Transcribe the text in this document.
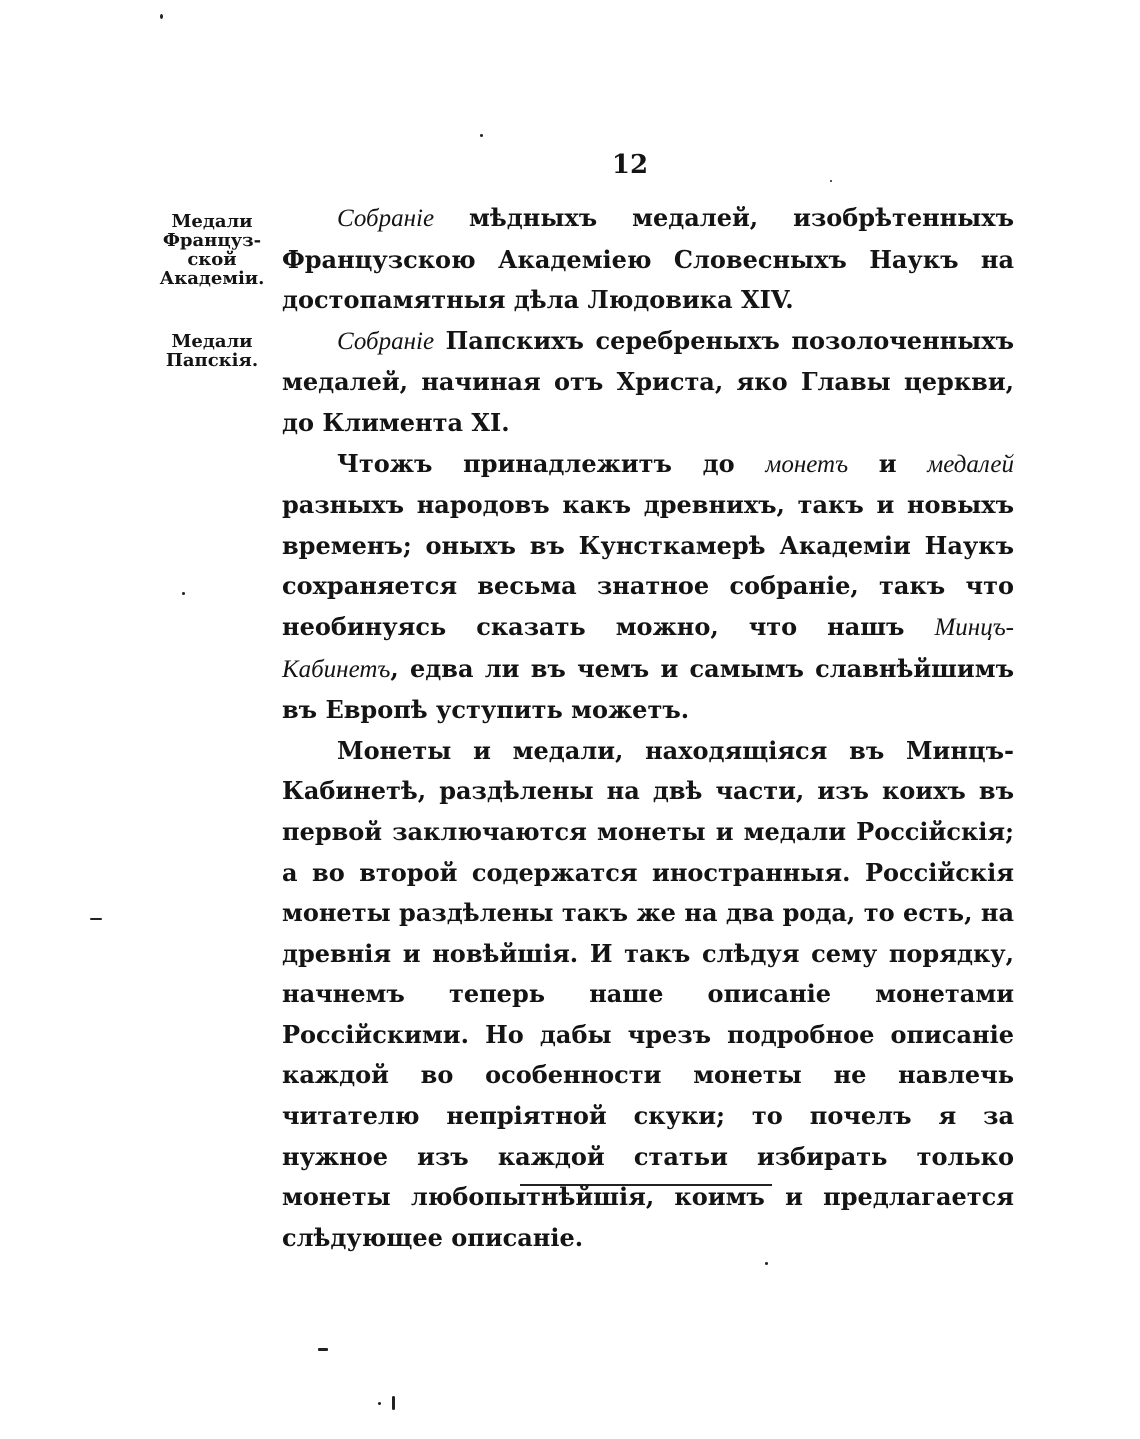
12
Медали
Француз-
ской
Академіи.
Медали
Папскія.

Собраніе мѣдныхъ медалей, изобрѣтенныхъ Французскою Академіею Словесныхъ Наукъ на достопамятныя дѣла Людовика XIV.

Собраніе Папскихъ серебреныхъ позолоченныхъ медалей, начиная отъ Христа, яко Главы церкви, до Климента XI.

Чтожъ принадлежитъ до монетъ и медалей разныхъ народовъ какъ древнихъ, такъ и новыхъ временъ; оныхъ въ Кунсткамерѣ Академіи Наукъ сохраняется весьма знатное собраніе, такъ что необинуясь сказать можно, что нашъ Минцъ-Кабинетъ, едва ли въ чемъ и самымъ славнѣйшимъ въ Европѣ уступить можетъ.

Монеты и медали, находящіяся въ Минцъ-Кабинетѣ, раздѣлены на двѣ части, изъ коихъ въ первой заключаются монеты и медали Россійскія; а во второй содержатся иностранныя. Россійскія монеты раздѣлены такъ же на два рода, то есть, на древнія и новѣйшія. И такъ слѣдуя сему порядку, начнемъ теперь наше описаніе монетами Россійскими. Но дабы чрезъ подробное описаніе каждой во особенности монеты не навлечь читателю непріятной скуки; то почелъ я за нужное изъ каждой статьи избирать только монеты любопытнѣйшія, коимъ и предлагается слѣдующее описаніе.
